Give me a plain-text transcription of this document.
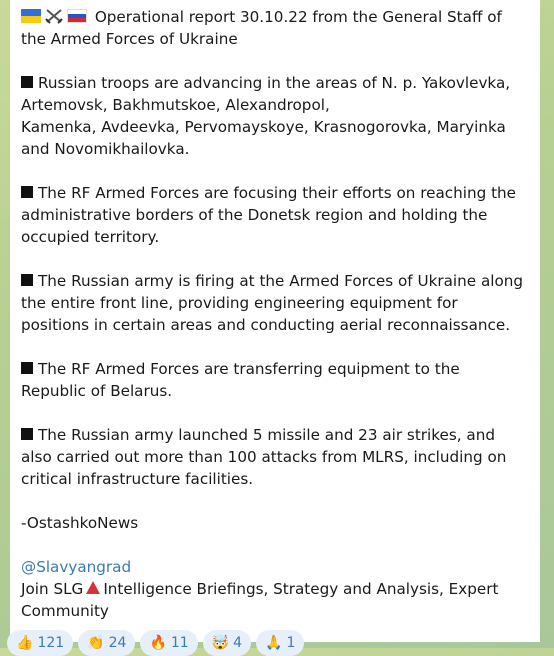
Operational report 30.10.22 from the General Staff of
the Armed Forces of Ukraine
Russian troops are advancing in the areas of N. p. Yakovlevka,
Artemovsk, Bakhmutskoe, Alexandropol,
Kamenka, Avdeevka, Pervomayskoye, Krasnogorovka, Maryinka
and Novomikhailovka.
The RF Armed Forces are focusing their efforts on reaching the
administrative borders of the Donetsk region and holding the
occupied territory.
The Russian army is firing at the Armed Forces of Ukraine along
the entire front line, providing engineering equipment for
positions in certain areas and conducting aerial reconnaissance.
The RF Armed Forces are transferring equipment to the
Republic of Belarus.
The Russian army launched 5 missile and 23 air strikes, and
also carried out more than 100 attacks from MLRS, including on
critical infrastructure facilities.
-OstashkoNews
@Slavyangrad
Join SLG Intelligence Briefings, Strategy and Analysis, Expert
Community
👍 121 👏 24 🔥 11 🤯 4 🙏 1
